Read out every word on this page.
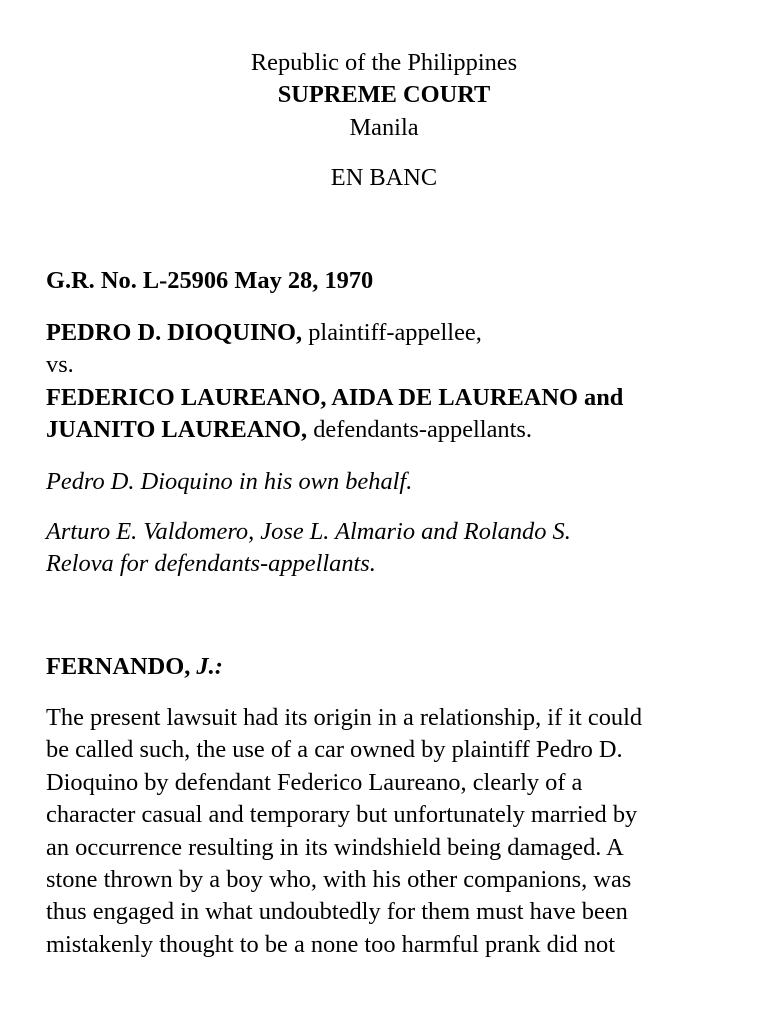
Republic of the Philippines

SUPREME COURT

Manila

EN BANC

G.R. No. L-25906 May 28, 1970

PEDRO D. DIOQUINO, plaintiff-appellee,
vs.
FEDERICO LAUREANO, AIDA DE LAUREANO and
JUANITO LAUREANO, defendants-appellants.

Pedro D. Dioquino in his own behalf.

Arturo E. Valdomero, Jose L. Almario and Rolando S.
Relova for defendants-appellants.

FERNANDO, J.:

The present lawsuit had its origin in a relationship, if it could
be called such, the use of a car owned by plaintiff Pedro D.
Dioquino by defendant Federico Laureano, clearly of a
character casual and temporary but unfortunately married by
an occurrence resulting in its windshield being damaged. A
stone thrown by a boy who, with his other companions, was
thus engaged in what undoubtedly for them must have been
mistakenly thought to be a none too harmful prank did not
